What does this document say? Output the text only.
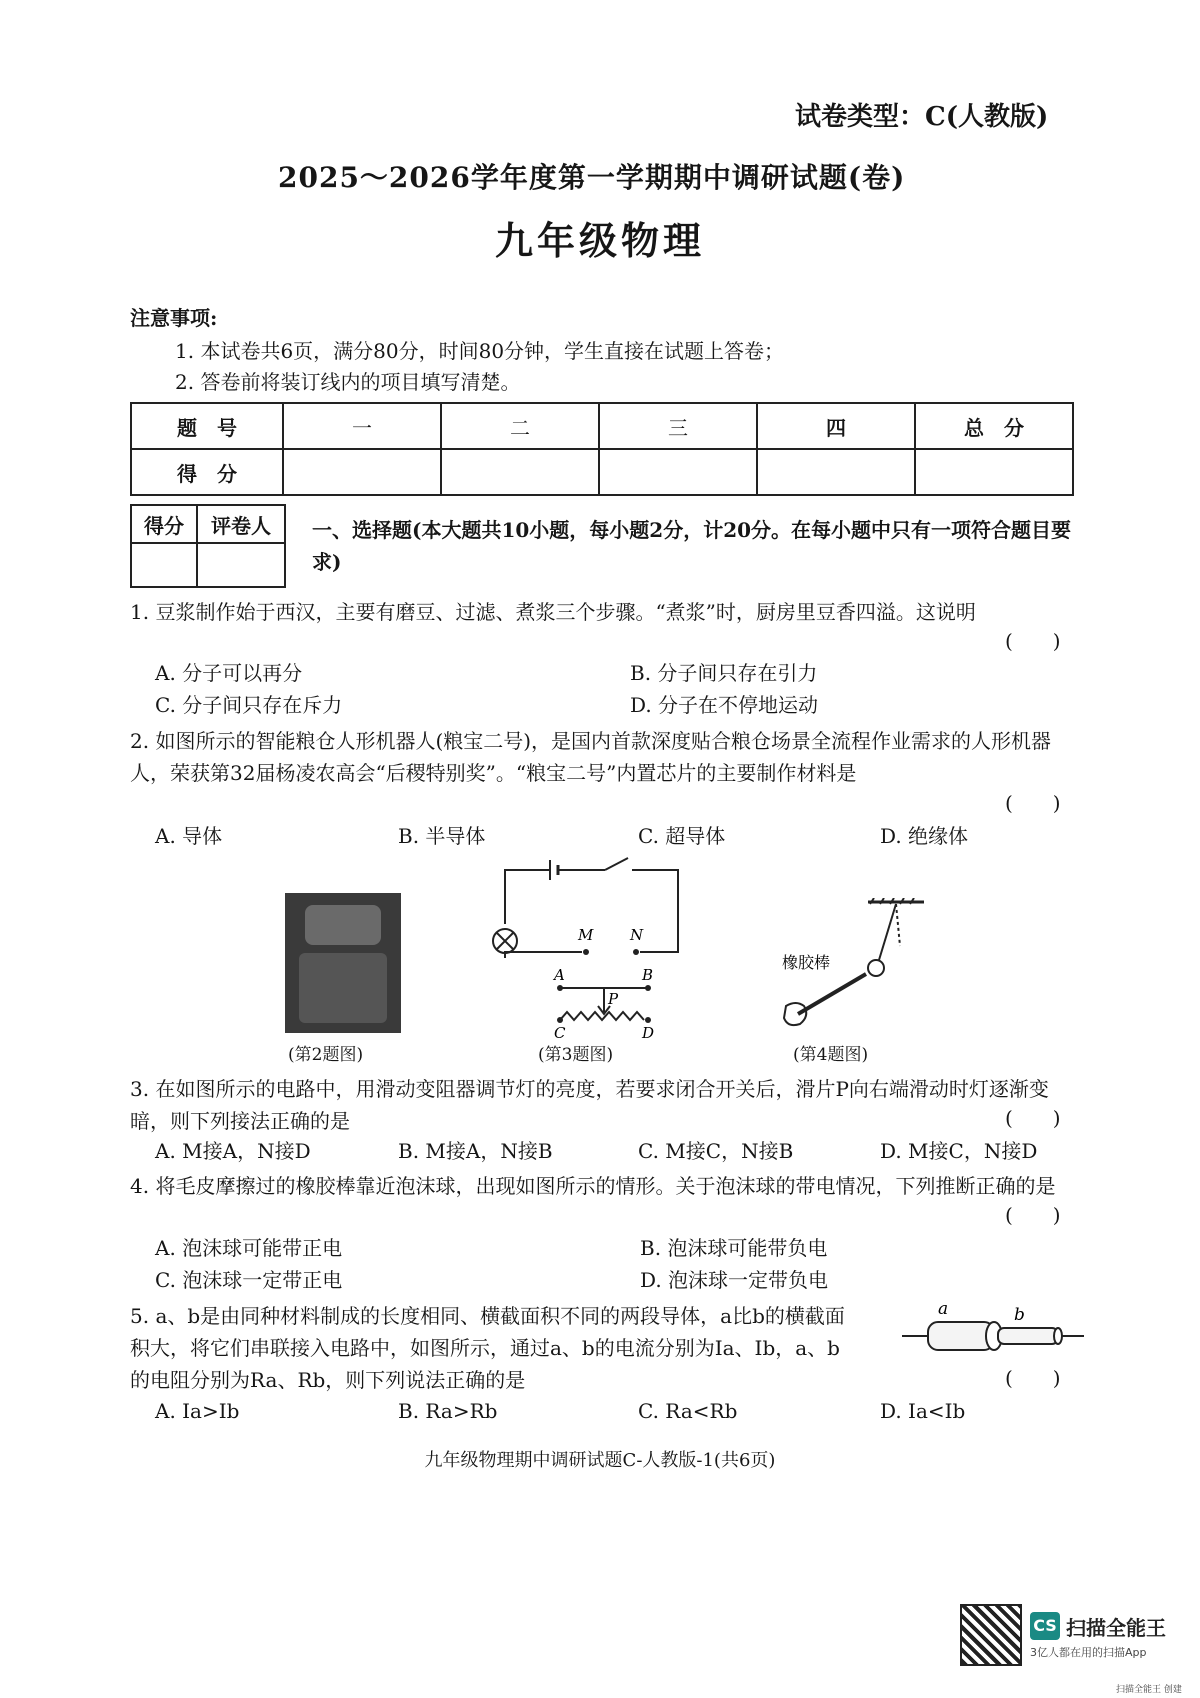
试卷类型：C(人教版)
2025～2026学年度第一学期期中调研试题(卷)
九年级物理
注意事项:
1. 本试卷共6页，满分80分，时间80分钟，学生直接在试题上答卷；
2. 答卷前将装订线内的项目填写清楚。
题　号	一	二	三	四	总　分
得　分					
得分	评卷人
	一、选择题(本大题共10小题，每小题2分，计20分。在每小题中只有一项符合题目要求)
1. 豆浆制作始于西汉，主要有磨豆、过滤、煮浆三个步骤。“煮浆”时，厨房里豆香四溢。这说明
(　　)
A. 分子可以再分	B. 分子间只存在引力
C. 分子间只存在斥力	D. 分子在不停地运动
2. 如图所示的智能粮仓人形机器人(粮宝二号)，是国内首款深度贴合粮仓场景全流程作业需求的人形机器人，荣获第32届杨凌农高会“后稷特别奖”。“粮宝二号”内置芯片的主要制作材料是
(　　)
A. 导体	B. 半导体	C. 超导体	D. 绝缘体
(第2题图)
M N
A	B
P
C	D
(第3题图)
橡胶棒
(第4题图)
3. 在如图所示的电路中，用滑动变阻器调节灯的亮度，若要求闭合开关后，滑片P向右端滑动时灯逐渐变暗，则下列接法正确的是	(　　)
A. M接A，N接D	B. M接A，N接B	C. M接C，N接B	D. M接C，N接D
4. 将毛皮摩擦过的橡胶棒靠近泡沫球，出现如图所示的情形。关于泡沫球的带电情况，下列推断正确的是
(　　)
A. 泡沫球可能带正电	B. 泡沫球可能带负电
C. 泡沫球一定带正电	D. 泡沫球一定带负电
5. a、b是由同种材料制成的长度相同、横截面积不同的两段导体，a比b的横截面积大，将它们串联接入电路中，如图所示，通过a、b的电流分别为Ia、Ib，a、b的电阻分别为Ra、Rb，则下列说法正确的是	(　　)
a	b
A. Ia>Ib	B. Ra>Rb	C. Ra<Rb	D. Ia<Ib
九年级物理期中调研试题C-人教版-1(共6页)
CS 扫描全能王
3亿人都在用的扫描App
扫描全能王 创建
